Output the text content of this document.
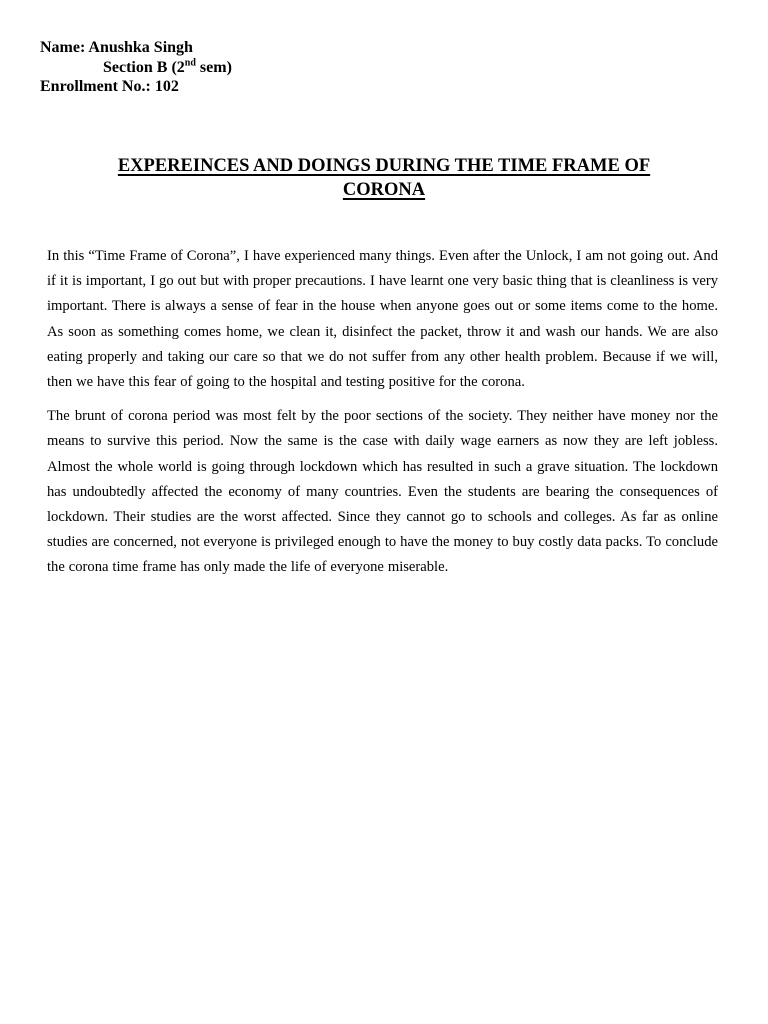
Name: Anushka Singh
Section B (2nd sem)
Enrollment No.: 102
EXPEREINCES AND DOINGS DURING THE TIME FRAME OF
CORONA

In this “Time Frame of Corona”, I have experienced many things. Even after the Unlock, I am not going out. And if it is important, I go out but with proper precautions. I have learnt one very basic thing that is cleanliness is very important. There is always a sense of fear in the house when anyone goes out or some items come to the home. As soon as something comes home, we clean it, disinfect the packet, throw it and wash our hands. We are also eating properly and taking our care so that we do not suffer from any other health problem. Because if we will, then we have this fear of going to the hospital and testing positive for the corona.

The brunt of corona period was most felt by the poor sections of the society. They neither have money nor the means to survive this period. Now the same is the case with daily wage earners as now they are left jobless. Almost the whole world is going through lockdown which has resulted in such a grave situation. The lockdown has undoubtedly affected the economy of many countries. Even the students are bearing the consequences of lockdown. Their studies are the worst affected. Since they cannot go to schools and colleges. As far as online studies are concerned, not everyone is privileged enough to have the money to buy costly data packs. To conclude the corona time frame has only made the life of everyone miserable.
